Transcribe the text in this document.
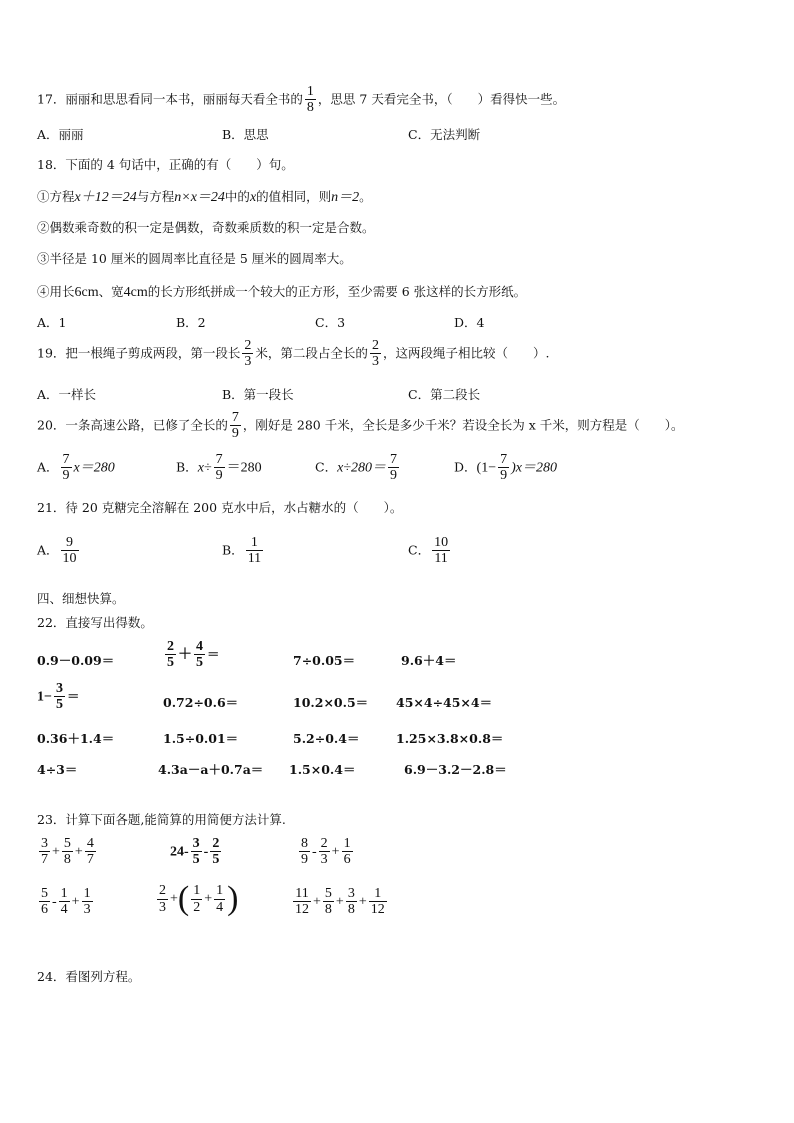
17．丽丽和思思看同一本书，丽丽每天看全书的 $\frac{1}{8}$ ，思思 7 天看完全书，（　　）看得快一些。
A．丽丽	B．思思	C．无法判断
18．下面的 4 句话中，正确的有（　　）句。
①方程x＋12＝24与方程n×x＝24中的x的值相同，则n＝2。
②偶数乘奇数的积一定是偶数，奇数乘质数的积一定是合数。
③半径是 10 厘米的圆周率比直径是 5 厘米的圆周率大。
④用长6cm、宽4cm的长方形纸拼成一个较大的正方形，至少需要 6 张这样的长方形纸。
A．1	B．2	C．3	D．4
19．把一根绳子剪成两段，第一段长 $\frac{2}{3}$ 米，第二段占全长的 $\frac{2}{3}$ ，这两段绳子相比较（　　）.
A．一样长	B．第一段长	C．第二段长
20．一条高速公路，已修了全长的 $\frac{7}{9}$ ，刚好是 280 千米，全长是多少千米？若设全长为 x 千米，则方程是（　　）。
A． $\frac{7}{9} x=280$	B．$x\div \frac{7}{9} =280$	C．$x\div 280= \frac{7}{9}$	D．$(1- \frac{7}{9} )x=280$
21．待 20 克糖完全溶解在 200 克水中后，水占糖水的（　　）。
A． $\frac{9}{10}$	B． $\frac{1}{11}$	C． $\frac{10}{11}$
四、细想快算。
22．直接写出得数。
0.9－0.09＝	$\frac{2}{5} + \frac{4}{5}$ ＝	7÷0.05＝	9.6＋4＝
$1- \frac{3}{5}$ ＝	0.72÷0.6＝	10.2×0.5＝ 45×4÷45×4＝
0.36＋1.4＝	1.5÷0.01＝	5.2÷0.4＝	1.25×3.8×0.8＝
4÷3＝	4.3a－a＋0.7a＝ 1.5×0.4＝	6.9－3.2－2.8＝
23．计算下面各题,能简算的用简便方法计算.
$\frac{3}{7} + \frac{5}{8} + \frac{4}{7}$	$24- \frac{3}{5} - \frac{2}{5}$	$\frac{8}{9} - \frac{2}{3} + \frac{1}{6}$
$\frac{5}{6} - \frac{1}{4} + \frac{1}{3}$	$\frac{2}{3}$ +( $\frac{1}{2} + \frac{1}{4}$ )	$\frac{11}{12} + \frac{5}{8} + \frac{3}{8} + \frac{1}{12}$
24．看图列方程。
